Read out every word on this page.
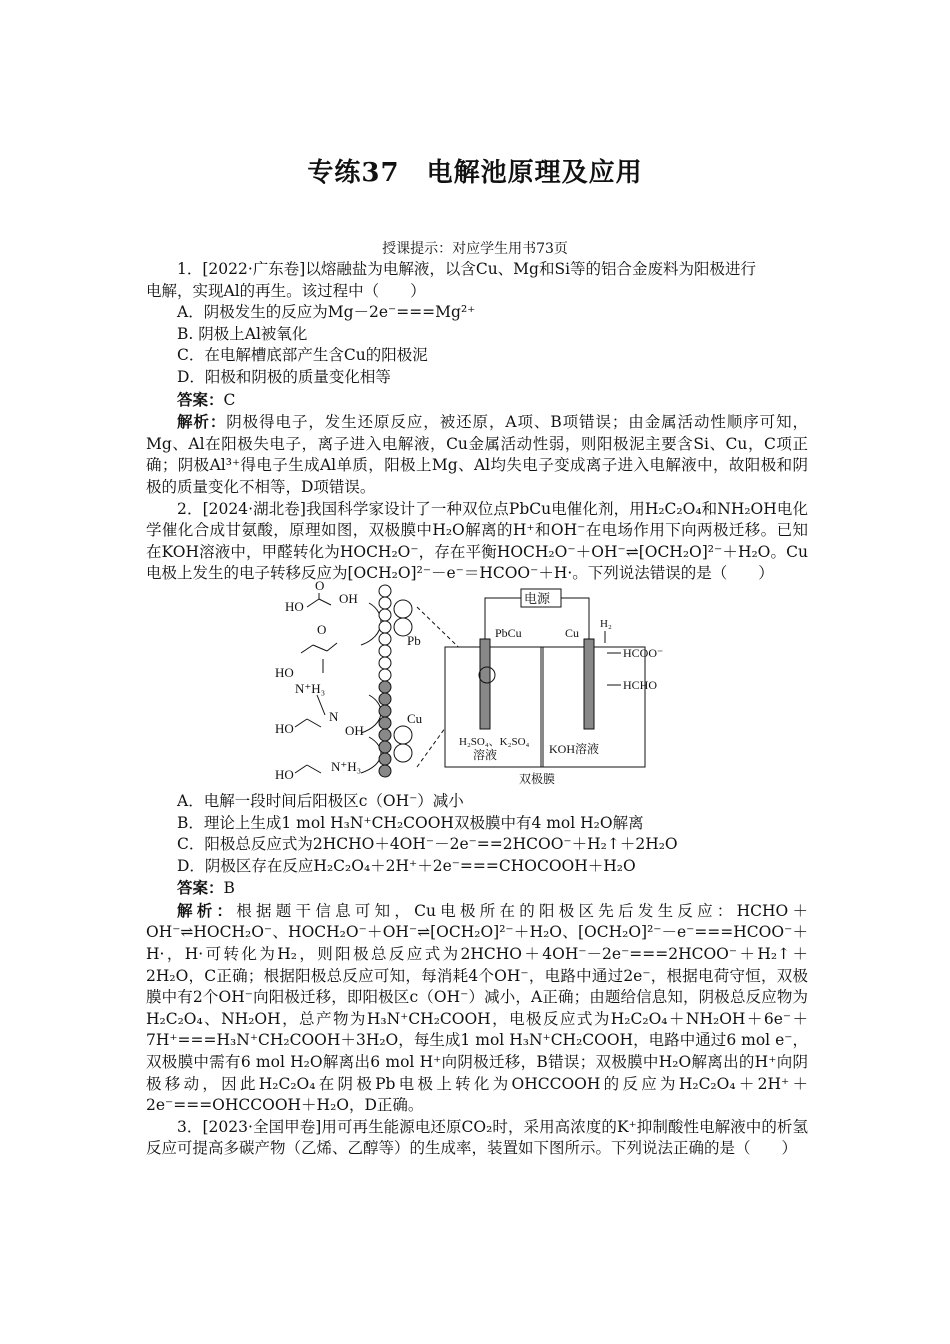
专练37　电解池原理及应用
授课提示：对应学生用书73页

1．[2022·广东卷]以熔融盐为电解液，以含Cu、Mg和Si等的铝合金废料为阳极进行

电解，实现Al的再生。该过程中（　　）

A．阴极发生的反应为Mg－2e⁻===Mg²⁺

B. 阴极上Al被氧化

C．在电解槽底部产生含Cu的阳极泥

D．阳极和阴极的质量变化相等

答案：C

解析：阴极得电子，发生还原反应，被还原，A项、B项错误；由金属活动性顺序可知，Mg、Al在阳极失电子，离子进入电解液，Cu金属活动性弱，则阳极泥主要含Si、Cu，C项正确；阴极Al³⁺得电子生成Al单质，阳极上Mg、Al均失电子变成离子进入电解液中，故阳极和阴极的质量变化不相等，D项错误。

2．[2024·湖北卷]我国科学家设计了一种双位点PbCu电催化剂，用H₂C₂O₄和NH₂OH电化学催化合成甘氨酸，原理如图，双极膜中H₂O解离的H⁺和OH⁻在电场作用下向两极迁移。已知在KOH溶液中，甲醛转化为HOCH₂O⁻，存在平衡HOCH₂O⁻＋OH⁻⇌[OCH₂O]²⁻＋H₂O。Cu电极上发生的电子转移反应为[OCH₂O]²⁻－e⁻＝HCOO⁻＋H·。下列说法错误的是（　　）

HO
OH
O
O
HO
N⁺H₃
HO
N
OH
HO
N⁺H₃
Pb
Cu
电源
PbCu	Cu
H₂
HCOO⁻
HCHO
H₂SO₄、K₂SO₄
溶液	KOH溶液
双极膜

A．电解一段时间后阳极区c（OH⁻）减小

B．理论上生成1 mol H₃N⁺CH₂COOH双极膜中有4 mol H₂O解离

C．阳极总反应式为2HCHO＋4OH⁻－2e⁻==2HCOO⁻＋H₂↑＋2H₂O

D．阴极区存在反应H₂C₂O₄＋2H⁺＋2e⁻===CHOCOOH＋H₂O

答案：B

解析：根据题干信息可知，Cu电极所在的阳极区先后发生反应：HCHO＋OH⁻⇌HOCH₂O⁻、HOCH₂O⁻＋OH⁻⇌[OCH₂O]²⁻＋H₂O、[OCH₂O]²⁻－e⁻===HCOO⁻＋H·，H·可转化为H₂，则阳极总反应式为2HCHO＋4OH⁻－2e⁻===2HCOO⁻＋H₂↑＋2H₂O，C正确；根据阳极总反应可知，每消耗4个OH⁻，电路中通过2e⁻，根据电荷守恒，双极膜中有2个OH⁻向阳极迁移，即阳极区c（OH⁻）减小，A正确；由题给信息知，阴极总反应物为H₂C₂O₄、NH₂OH，总产物为H₃N⁺CH₂COOH，电极反应式为H₂C₂O₄＋NH₂OH＋6e⁻＋7H⁺===H₃N⁺CH₂COOH＋3H₂O，每生成1 mol H₃N⁺CH₂COOH，电路中通过6 mol e⁻，双极膜中需有6 mol H₂O解离出6 mol H⁺向阴极迁移，B错误；双极膜中H₂O解离出的H⁺向阴极移动，因此H₂C₂O₄在阴极Pb电极上转化为OHCCOOH的反应为H₂C₂O₄＋2H⁺＋2e⁻===OHCCOOH＋H₂O，D正确。

3．[2023·全国甲卷]用可再生能源电还原CO₂时，采用高浓度的K⁺抑制酸性电解液中的析氢反应可提高多碳产物（乙烯、乙醇等）的生成率，装置如下图所示。下列说法正确的是（　　）
